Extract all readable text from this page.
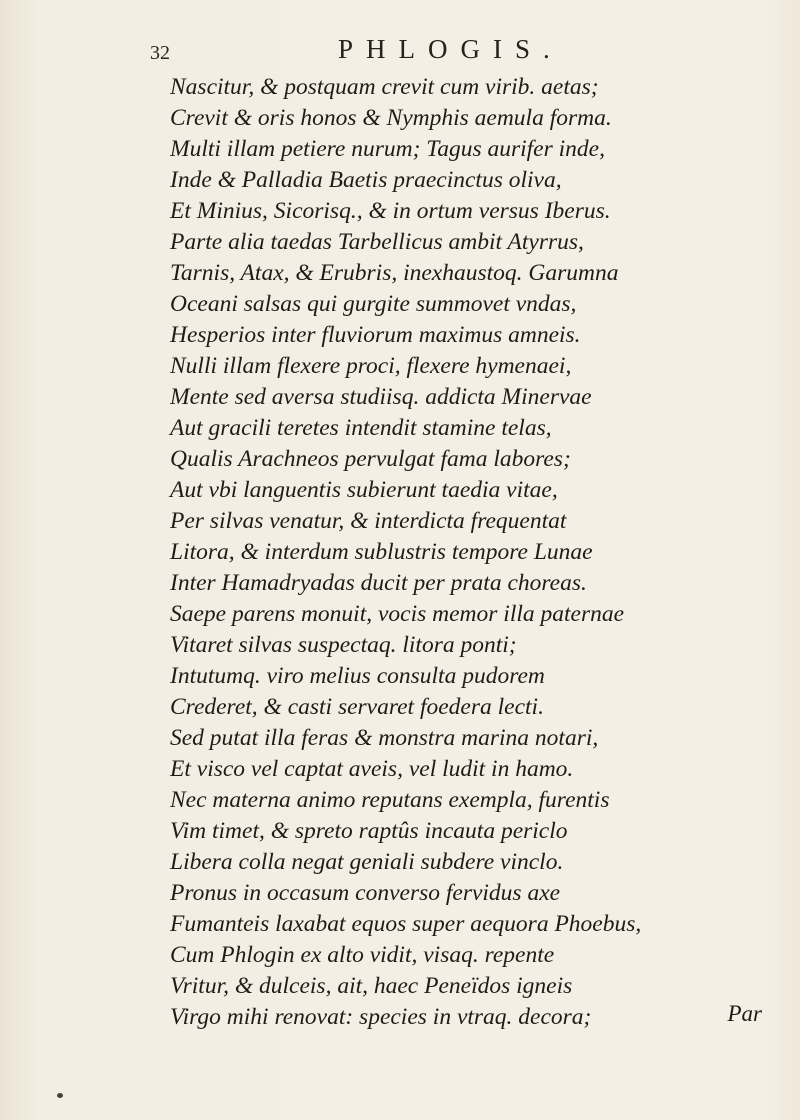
32	PHLOGIS.
Nascitur, & postquam crevit cum virib. aetas;
Crevit & oris honos & Nymphis aemula forma.
Multi illam petiere nurum; Tagus aurifer inde,
Inde & Palladia Baetis praecinctus oliva,
Et Minius, Sicorisq., & in ortum versus Iberus.
Parte alia taedas Tarbellicus ambit Atyrrus,
Tarnis, Atax, & Erubris, inexhaustoq. Garumna
Oceani salsas qui gurgite summovet vndas,
Hesperios inter fluviorum maximus amneis.
Nulli illam flexere proci, flexere hymenaei,
Mente sed aversa studiisq. addicta Minervae
Aut gracili teretes intendit stamine telas,
Qualis Arachneos pervulgat fama labores;
Aut vbi languentis subierunt taedia vitae,
Per silvas venatur, & interdicta frequentat
Litora, & interdum sublustris tempore Lunae
Inter Hamadryadas ducit per prata choreas.
Saepe parens monuit, vocis memor illa paternae
Vitaret silvas suspectaq. litora ponti;
Intutumq. viro melius consulta pudorem
Crederet, & casti servaret foedera lecti.
Sed putat illa feras & monstra marina notari,
Et visco vel captat aveis, vel ludit in hamo.
Nec materna animo reputans exempla, furentis
Vim timet, & spreto raptûs incauta periclo
Libera colla negat geniali subdere vinclo.
Pronus in occasum converso fervidus axe
Fumanteis laxabat equos super aequora Phoebus,
Cum Phlogin ex alto vidit, visaq. repente
Vritur, & dulceis, ait, haec Peneïdos igneis
Virgo mihi renovat: species in vtraq. decora;	Par
